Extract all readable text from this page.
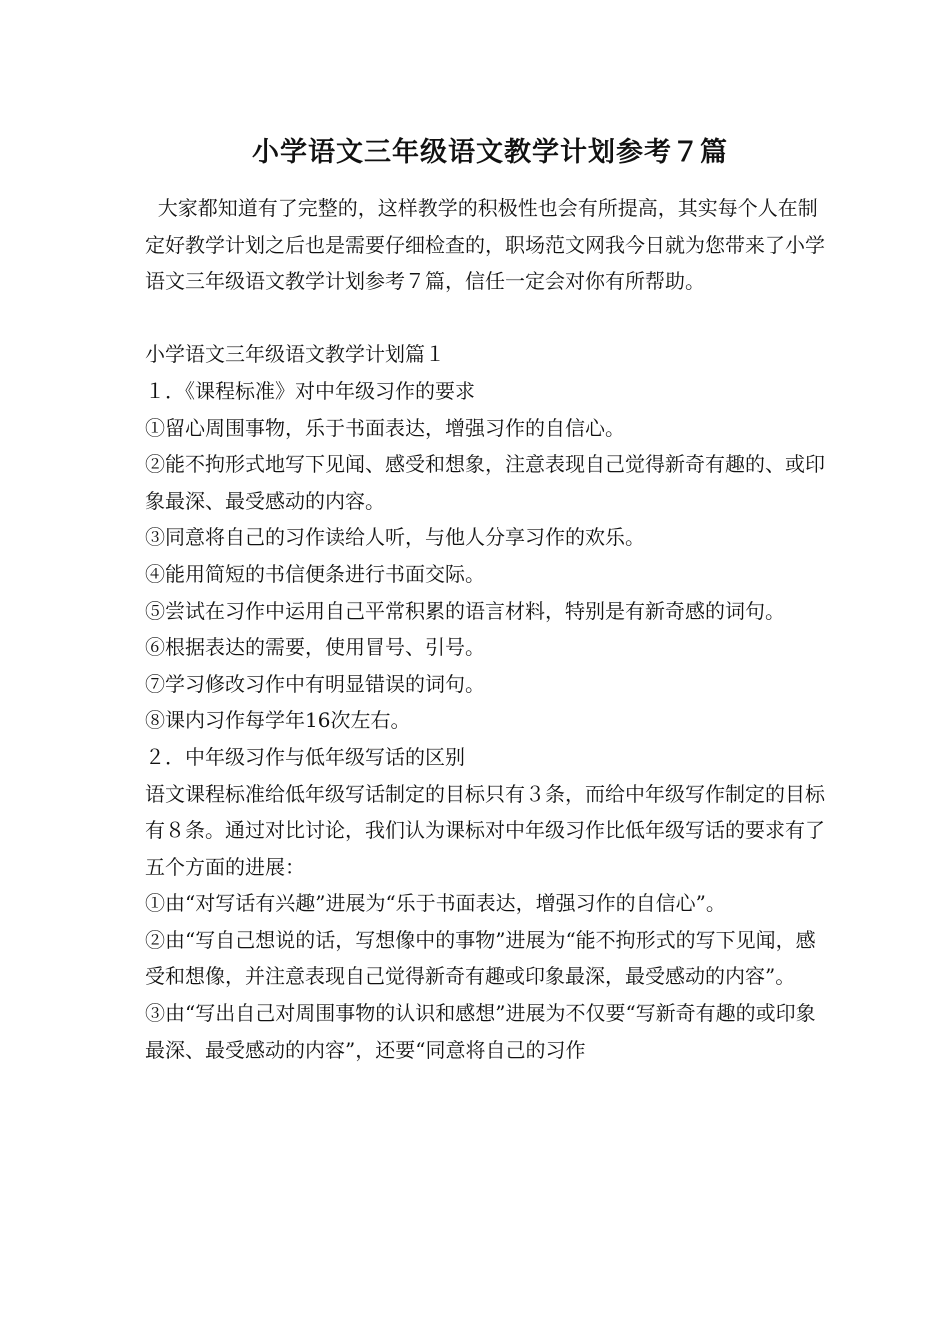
小学语文三年级语文教学计划参考７篇

大家都知道有了完整的，这样教学的积极性也会有所提高，其实每个人在制定好教学计划之后也是需要仔细检查的，职场范文网我今日就为您带来了小学语文三年级语文教学计划参考７篇，信任一定会对你有所帮助。

小学语文三年级语文教学计划篇１

１．《课程标准》对中年级习作的要求

①留心周围事物，乐于书面表达，增强习作的自信心。

②能不拘形式地写下见闻、感受和想象，注意表现自己觉得新奇有趣的、或印象最深、最受感动的内容。

③同意将自己的习作读给人听，与他人分享习作的欢乐。

④能用简短的书信便条进行书面交际。

⑤尝试在习作中运用自己平常积累的语言材料，特别是有新奇感的词句。

⑥根据表达的需要，使用冒号、引号。

⑦学习修改习作中有明显错误的词句。

⑧课内习作每学年16次左右。

２．中年级习作与低年级写话的区别

语文课程标准给低年级写话制定的目标只有３条，而给中年级写作制定的目标有８条。通过对比讨论，我们认为课标对中年级习作比低年级写话的要求有了五个方面的进展：

①由“对写话有兴趣”进展为“乐于书面表达，增强习作的自信心”。

②由“写自己想说的话，写想像中的事物”进展为“能不拘形式的写下见闻，感受和想像，并注意表现自己觉得新奇有趣或印象最深，最受感动的内容”。

③由“写出自己对周围事物的认识和感想”进展为不仅要“写新奇有趣的或印象最深、最受感动的内容”，还要“同意将自己的习作
